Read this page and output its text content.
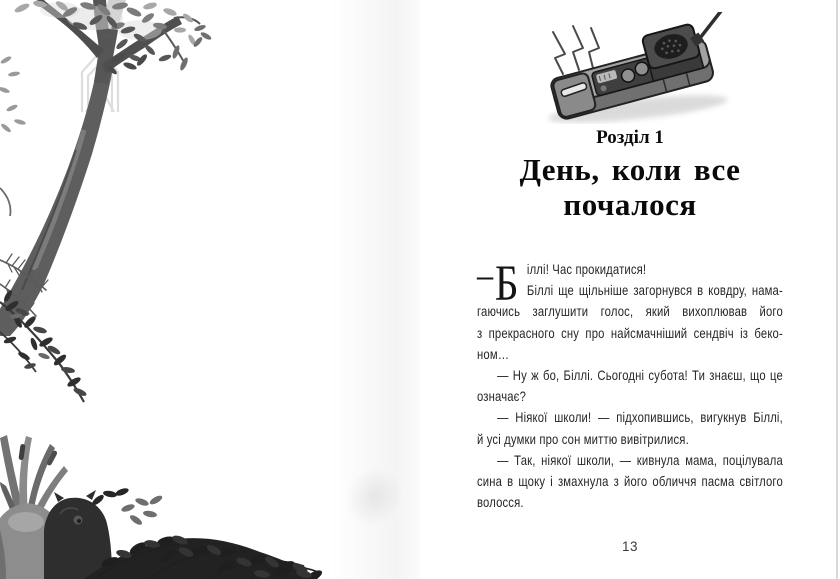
Розділ 1
День, коли все
почалося
–Б іллі! Час прокидатися!
Біллі ще щільніше загорнувся в ковдру, нама-
гаючись заглушити голос, який вихоплював його
з прекрасного сну про найсмачніший сендвіч із беко-
ном…
— Ну ж бо, Біллі. Сьогодні субота! Ти знаєш, що це
означає?
— Ніякої школи! — підхопившись, вигукнув Біллі,
й усі думки про сон миттю вивітрилися.
— Так, ніякої школи, — кивнула мама, поцілувала
сина в щоку і змахнула з його обличчя пасма світлого
волосся.
13
